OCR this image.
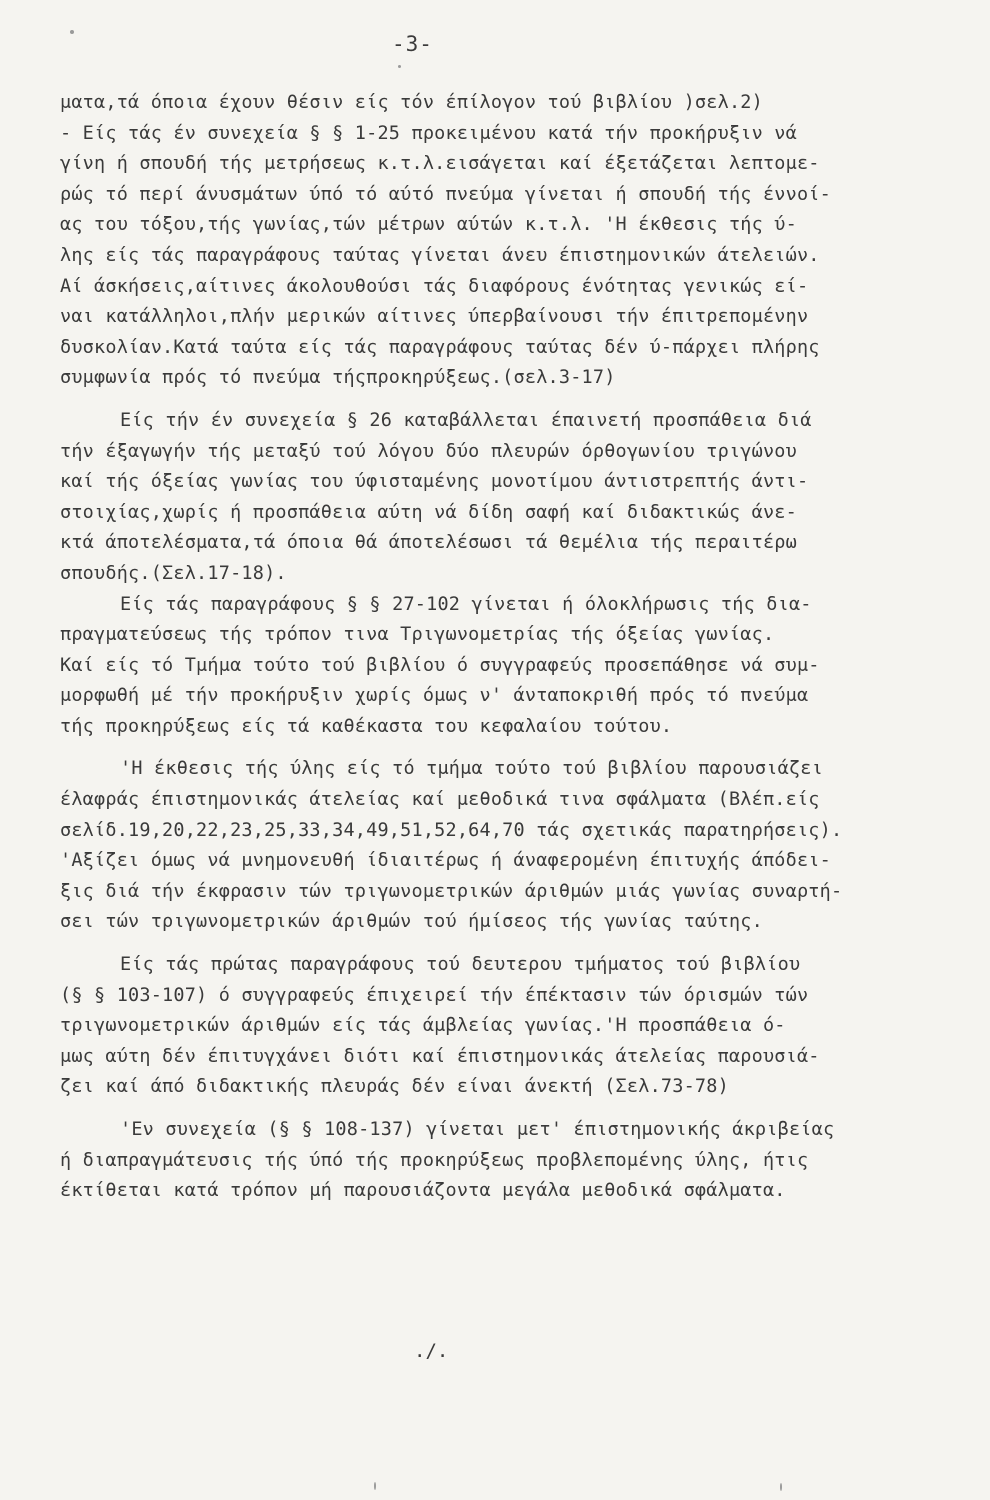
-3-
ματα,τά όποια έχουν θέσιν είς τόν έπίλογον τού βιβλίου )σελ.2)
- Είς τάς έν συνεχεία § § 1-25 προκειμένου κατά τήν προκήρυξιν νά
γίνη ή σπουδή τής μετρήσεως κ.τ.λ.εισάγεται καί έξετάζεται λεπτομε-
ρώς τό περί άνυσμάτων ύπό τό αύτό πνεύμα γίνεται ή σπουδή τής έννοί-
ας του τόξου,τής γωνίας,τών μέτρων αύτών κ.τ.λ. 'Η έκθεσις τής ύ-
λης είς τάς παραγράφους ταύτας γίνεται άνευ έπιστημονικών άτελειών.
Αί άσκήσεις,αίτινες άκολουθούσι τάς διαφόρους ένότητας γενικώς εί-
ναι κατάλληλοι,πλήν μερικών αίτινες ύπερβαίνουσι τήν έπιτρεπομένην
δυσκολίαν.Κατά ταύτα είς τάς παραγράφους ταύτας δέν ύ-πάρχει πλήρης
συμφωνία πρός τό πνεύμα τήςπροκηρύξεως.(σελ.3-17)
Είς τήν έν συνεχεία § 26 καταβάλλεται έπαινετή προσπάθεια διά
τήν έξαγωγήν τής μεταξύ τού λόγου δύο πλευρών όρθογωνίου τριγώνου
καί τής όξείας γωνίας του ύφισταμένης μονοτίμου άντιστρεπτής άντι-
στοιχίας,χωρίς ή προσπάθεια αύτη νά δίδη σαφή καί διδακτικώς άνε-
κτά άποτελέσματα,τά όποια θά άποτελέσωσι τά θεμέλια τής περαιτέρω
σπουδής.(Σελ.17-18).
Είς τάς παραγράφους § § 27-102 γίνεται ή όλοκλήρωσις τής δια-
πραγματεύσεως τής τρόπον τινα Τριγωνομετρίας τής όξείας γωνίας.
Καί είς τό Τμήμα τούτο τού βιβλίου ό συγγραφεύς προσεπάθησε νά συμ-
μορφωθή μέ τήν προκήρυξιν χωρίς όμως ν' άνταποκριθή πρός τό πνεύμα
τής προκηρύξεως είς τά καθέκαστα του κεφαλαίου τούτου.
'Η έκθεσις τής ύλης είς τό τμήμα τούτο τού βιβλίου παρουσιάζει
έλαφράς έπιστημονικάς άτελείας καί μεθοδικά τινα σφάλματα (Βλέπ.είς
σελίδ.19,20,22,23,25,33,34,49,51,52,64,70 τάς σχετικάς παρατηρήσεις).
'Αξίζει όμως νά μνημονευθή ίδιαιτέρως ή άναφερομένη έπιτυχής άπόδει-
ξις διά τήν έκφρασιν τών τριγωνομετρικών άριθμών μιάς γωνίας συναρτή-
σει τών τριγωνομετρικών άριθμών τού ήμίσεος τής γωνίας ταύτης.
Είς τάς πρώτας παραγράφους τού δευτερου τμήματος τού βιβλίου
(§ § 103-107) ό συγγραφεύς έπιχειρεί τήν έπέκτασιν τών όρισμών τών
τριγωνομετρικών άριθμών είς τάς άμβλείας γωνίας.'Η προσπάθεια ό-
μως αύτη δέν έπιτυγχάνει διότι καί έπιστημονικάς άτελείας παρουσιά-
ζει καί άπό διδακτικής πλευράς δέν είναι άνεκτή (Σελ.73-78)
'Εν συνεχεία (§ § 108-137) γίνεται μετ' έπιστημονικής άκριβείας
ή διαπραγμάτευσις τής ύπό τής προκηρύξεως προβλεπομένης ύλης, ήτις
έκτίθεται κατά τρόπον μή παρουσιάζοντα μεγάλα μεθοδικά σφάλματα.
./.
